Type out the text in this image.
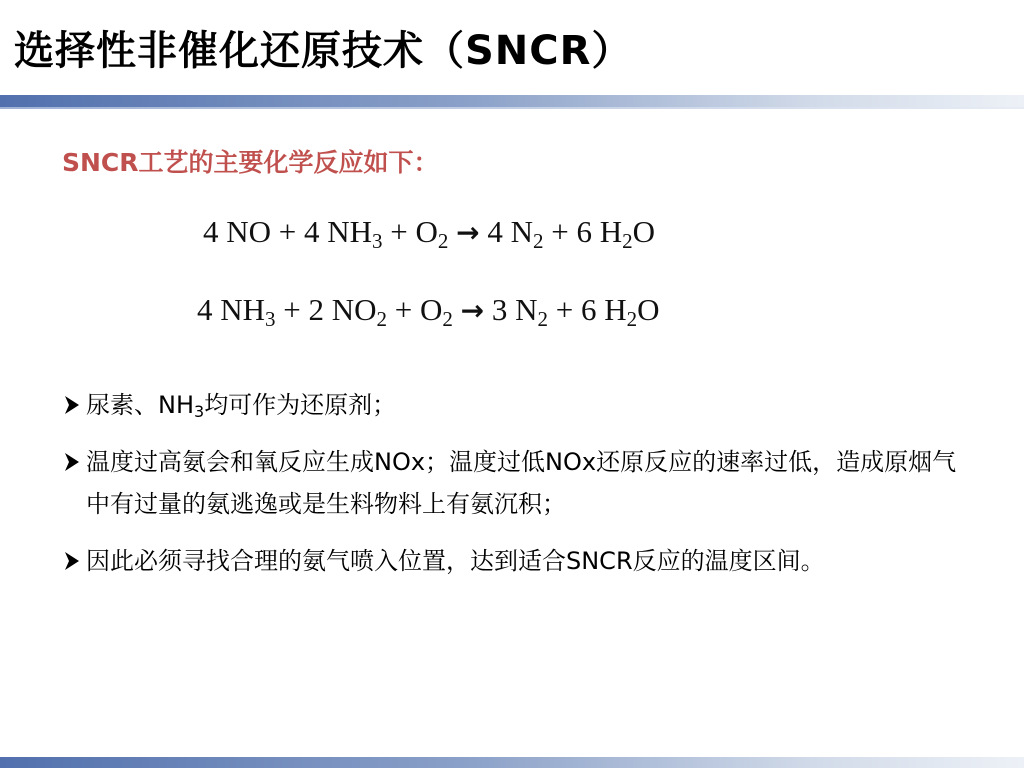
选择性非催化还原技术（SNCR）
SNCR工艺的主要化学反应如下：
4 NO + 4 $NH_3 + O_2 \to 4$ $N_2 + 6$ $H_2O$
4 $NH_3 + 2$ $NO_2 + O_2 \to 3$ $N_2 + 6$ $H_2O$
尿素、$NH_3$均可作为还原剂；
温度过高氨会和氧反应生成NOx；温度过低NOx还原反应的速率过低，造成原烟气中有过量的氨逃逸或是生料物料上有氨沉积；
因此必须寻找合理的氨气喷入位置，达到适合SNCR反应的温度区间。
